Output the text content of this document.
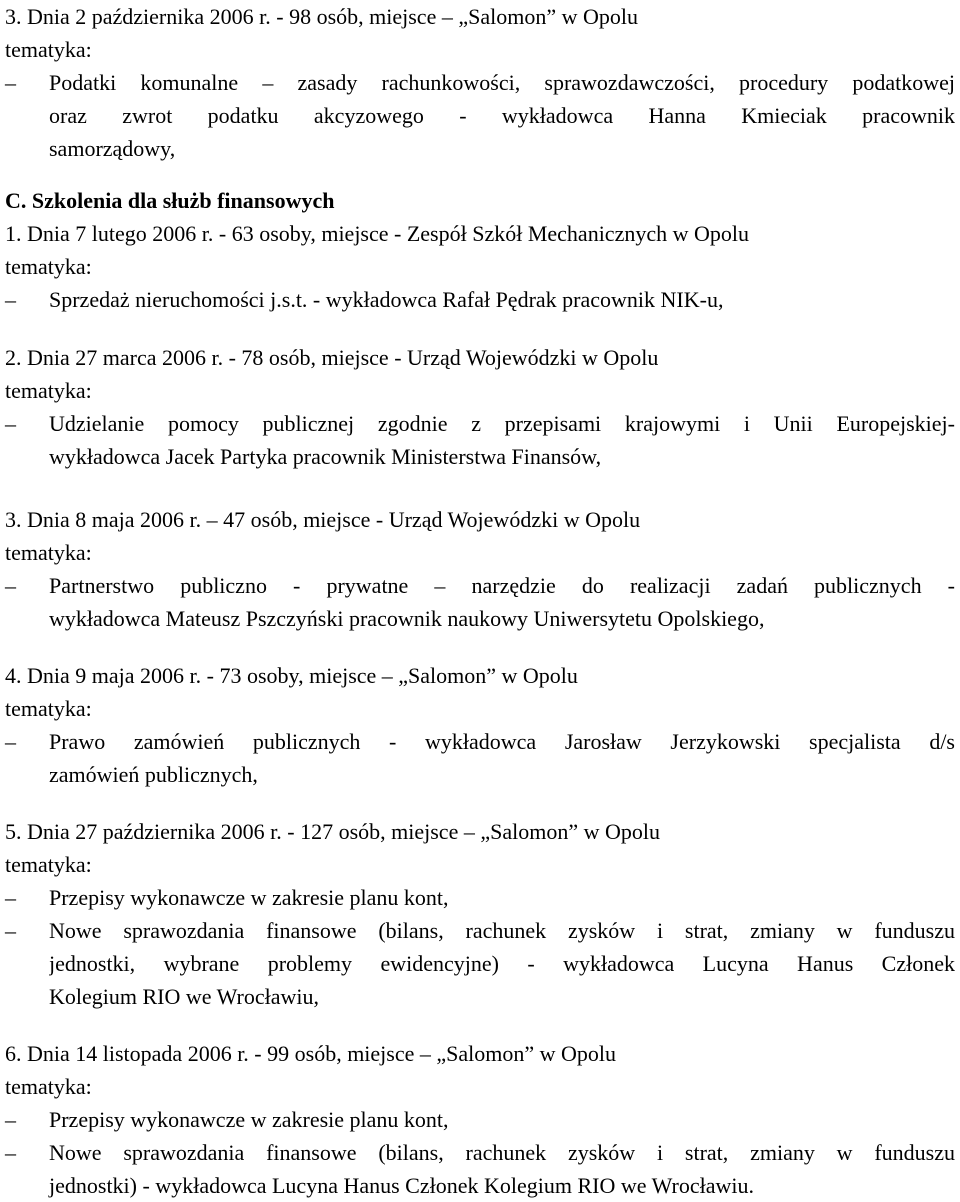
3. Dnia 2 października 2006 r. - 98 osób, miejsce – „Salomon” w Opolu
tematyka:
–	Podatki komunalne – zasady rachunkowości, sprawozdawczości, procedury podatkowej
oraz zwrot podatku akcyzowego - wykładowca Hanna Kmieciak pracownik
samorządowy,
C. Szkolenia dla służb finansowych
1. Dnia 7 lutego 2006 r. - 63 osoby, miejsce - Zespół Szkół Mechanicznych w Opolu
tematyka:
–	Sprzedaż nieruchomości j.s.t. - wykładowca Rafał Pędrak pracownik NIK-u,
2. Dnia 27 marca 2006 r. - 78 osób, miejsce - Urząd Wojewódzki w Opolu
tematyka:
–	Udzielanie pomocy publicznej zgodnie z przepisami krajowymi i Unii Europejskiej-
wykładowca Jacek Partyka pracownik Ministerstwa Finansów,
3. Dnia 8 maja 2006 r. – 47 osób, miejsce - Urząd Wojewódzki w Opolu
tematyka:
–	Partnerstwo publiczno - prywatne – narzędzie do realizacji zadań publicznych -
wykładowca Mateusz Pszczyński pracownik naukowy Uniwersytetu Opolskiego,
4. Dnia 9 maja 2006 r. - 73 osoby, miejsce – „Salomon” w Opolu
tematyka:
–	Prawo zamówień publicznych - wykładowca Jarosław Jerzykowski specjalista d/s
zamówień publicznych,
5. Dnia 27 października 2006 r. - 127 osób, miejsce – „Salomon” w Opolu
tematyka:
–	Przepisy wykonawcze w zakresie planu kont,
–	Nowe sprawozdania finansowe (bilans, rachunek zysków i strat, zmiany w funduszu
jednostki, wybrane problemy ewidencyjne) - wykładowca Lucyna Hanus Członek
Kolegium RIO we Wrocławiu,
6. Dnia 14 listopada 2006 r. - 99 osób, miejsce – „Salomon” w Opolu
tematyka:
–	Przepisy wykonawcze w zakresie planu kont,
–	Nowe sprawozdania finansowe (bilans, rachunek zysków i strat, zmiany w funduszu
jednostki) - wykładowca Lucyna Hanus Członek Kolegium RIO we Wrocławiu.
